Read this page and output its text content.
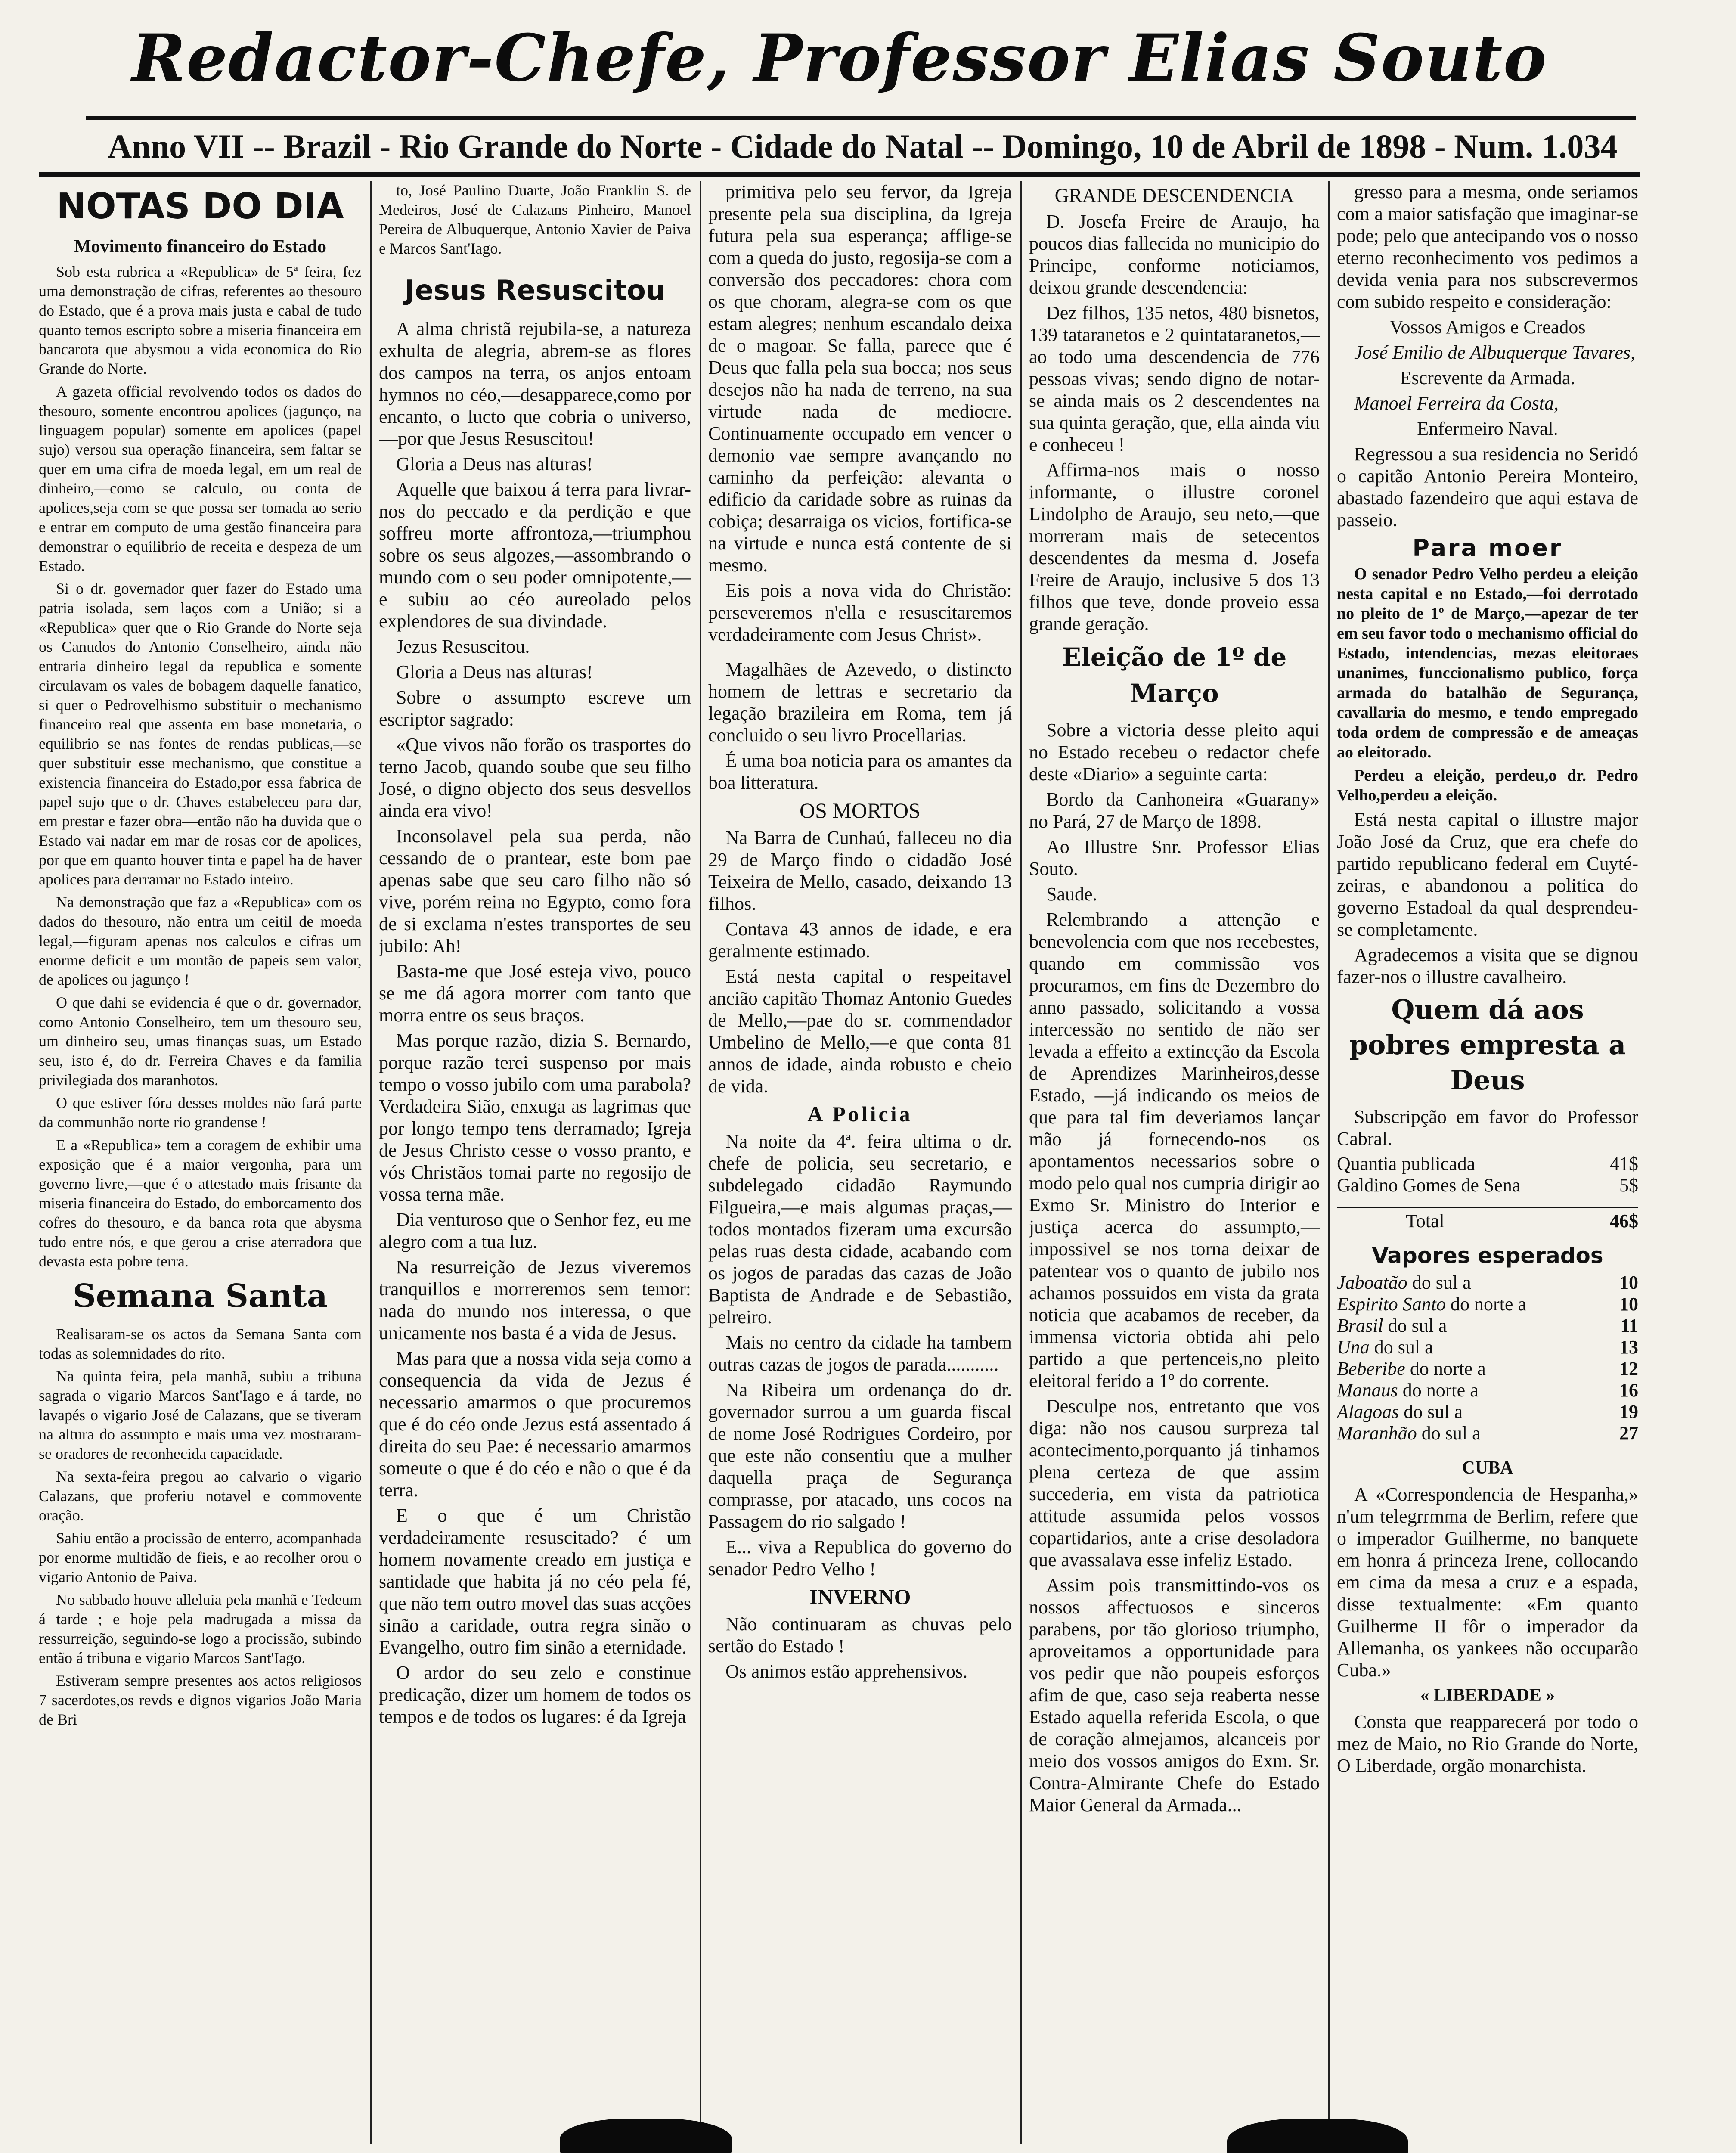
Redactor-Chefe, Professor Elias Souto
Anno VII -- Brazil - Rio Grande do Norte - Cidade do Natal -- Domingo, 10 de Abril de 1898 - Num. 1.034
NOTAS DO DIA
Movimento financeiro do Estado

Sob esta rubrica a «Republica» de 5ª feira, fez uma demonstração de cifras, referentes ao thesouro do Estado, que é a prova mais justa e cabal de tudo quanto temos escripto sobre a miseria financeira em bancarota que abysmou a vida economica do Rio Grande do Norte.

A gazeta official revolvendo todos os dados do thesouro, somente encontrou apolices (jagunço, na linguagem popular) somente em apolices (papel sujo) versou sua operação financeira, sem faltar se quer em uma cifra de moeda legal, em um real de dinheiro,—como se calculo, ou conta de apolices,seja com se que possa ser tomada ao serio e entrar em computo de uma gestão financeira para demonstrar o equilibrio de receita e despeza de um Estado.

Si o dr. governador quer fazer do Estado uma patria isolada, sem laços com a União; si a «Republica» quer que o Rio Grande do Norte seja os Canudos do Antonio Conselheiro, ainda não entraria dinheiro legal da republica e somente circulavam os vales de bobagem daquelle fanatico, si quer o Pedrovelhismo substituir o mechanismo financeiro real que assenta em base monetaria, o equilibrio se nas fontes de rendas publicas,—se quer substituir esse mechanismo, que constitue a existencia financeira do Estado,por essa fabrica de papel sujo que o dr. Chaves estabeleceu para dar, em prestar e fazer obra—então não ha duvida que o Estado vai nadar em mar de rosas cor de apolices, por que em quanto houver tinta e papel ha de haver apolices para derramar no Estado inteiro.

Na demonstração que faz a «Republica» com os dados do thesouro, não entra um ceitil de moeda legal,—figuram apenas nos calculos e cifras um enorme deficit e um montão de papeis sem valor, de apolices ou jagunço !

O que dahi se evidencia é que o dr. governador, como Antonio Conselheiro, tem um thesouro seu, um dinheiro seu, umas finanças suas, um Estado seu, isto é, do dr. Ferreira Chaves e da familia privilegiada dos maranhotos.

O que estiver fóra desses moldes não fará parte da communhão norte rio grandense !

E a «Republica» tem a coragem de exhibir uma exposição que é a maior vergonha, para um governo livre,—que é o attestado mais frisante da miseria financeira do Estado, do emborcamento dos cofres do thesouro, e da banca rota que abysma tudo entre nós, e que gerou a crise aterradora que devasta esta pobre terra.

Semana Santa

Realisaram-se os actos da Semana Santa com todas as solemnidades do rito.

Na quinta feira, pela manhã, subiu a tribuna sagrada o vigario Marcos Sant'Iago e á tarde, no lavapés o vigario José de Calazans, que se tiveram na altura do assumpto e mais uma vez mostraram-se oradores de reconhecida capacidade.

Na sexta-feira pregou ao calvario o vigario Calazans, que proferiu notavel e commovente oração.

Sahiu então a procissão de enterro, acompanhada por enorme multidão de fieis, e ao recolher orou o vigario Antonio de Paiva.

No sabbado houve alleluia pela manhã e Tedeum á tarde ; e hoje pela madrugada a missa da ressurreição, seguindo-se logo a procissão, subindo então á tribuna e vigario Marcos Sant'Iago.

Estiveram sempre presentes aos actos religiosos 7 sacerdotes,os revds e dignos vigarios João Maria de Bri

to, José Paulino Duarte, João Franklin S. de Medeiros, José de Calazans Pinheiro, Manoel Pereira de Albuquerque, Antonio Xavier de Paiva e Marcos Sant'Iago.

Jesus Resuscitou

A alma christã rejubila-se, a natureza exhulta de alegria, abrem-se as flores dos campos na terra, os anjos entoam hymnos no céo,—desapparece,como por encanto, o lucto que cobria o universo,—por que Jesus Resuscitou!

Gloria a Deus nas alturas!

Aquelle que baixou á terra para livrar-nos do peccado e da perdição e que soffreu morte affrontoza,—triumphou sobre os seus algozes,—assombrando o mundo com o seu poder omnipotente,—e subiu ao céo aureolado pelos explendores de sua divindade.

Jezus Resuscitou.

Gloria a Deus nas alturas!

Sobre o assumpto escreve um escriptor sagrado:

«Que vivos não forão os trasportes do terno Jacob, quando soube que seu filho José, o digno objecto dos seus desvellos ainda era vivo!

Inconsolavel pela sua perda, não cessando de o prantear, este bom pae apenas sabe que seu caro filho não só vive, porém reina no Egypto, como fora de si exclama n'estes transportes de seu jubilo: Ah!

Basta-me que José esteja vivo, pouco se me dá agora morrer com tanto que morra entre os seus braços.

Mas porque razão, dizia S. Bernardo, porque razão terei suspenso por mais tempo o vosso jubilo com uma parabola? Verdadeira Sião, enxuga as lagrimas que por longo tempo tens derramado; Igreja de Jesus Christo cesse o vosso pranto, e vós Christãos tomai parte no regosijo de vossa terna mãe.

Dia venturoso que o Senhor fez, eu me alegro com a tua luz.

Na resurreição de Jezus viveremos tranquillos e morreremos sem temor: nada do mundo nos interessa, o que unicamente nos basta é a vida de Jesus.

Mas para que a nossa vida seja como a consequencia da vida de Jezus é necessario amarmos o que procuremos que é do céo onde Jezus está assentado á direita do seu Pae: é necessario amarmos someute o que é do céo e não o que é da terra.

E o que é um Christão verdadeiramente resuscitado? é um homem novamente creado em justiça e santidade que habita já no céo pela fé, que não tem outro movel das suas acções sinão a caridade, outra regra sinão o Evangelho, outro fim sinão a eternidade.

O ardor do seu zelo e constinue predicação, dizer um homem de todos os tempos e de todos os lugares: é da Igreja

primitiva pelo seu fervor, da Igreja presente pela sua disciplina, da Igreja futura pela sua esperança; afflige-se com a queda do justo, regosija-se com a conversão dos peccadores: chora com os que choram, alegra-se com os que estam alegres; nenhum escandalo deixa de o magoar. Se falla, parece que é Deus que falla pela sua bocca; nos seus desejos não ha nada de terreno, na sua virtude nada de mediocre. Continuamente occupado em vencer o demonio vae sempre avançando no caminho da perfeição: alevanta o edificio da caridade sobre as ruinas da cobiça; desarraiga os vicios, fortifica-se na virtude e nunca está contente de si mesmo.

Eis pois a nova vida do Christão: perseveremos n'ella e resuscitaremos verdadeiramente com Jesus Christ».

Magalhães de Azevedo, o distincto homem de lettras e secretario da legação brazileira em Roma, tem já concluido o seu livro Procellarias.

É uma boa noticia para os amantes da boa litteratura.

OS MORTOS

Na Barra de Cunhaú, falleceu no dia 29 de Março findo o cidadão José Teixeira de Mello, casado, deixando 13 filhos.

Contava 43 annos de idade, e era geralmente estimado.

Está nesta capital o respeitavel ancião capitão Thomaz Antonio Guedes de Mello,—pae do sr. commendador Umbelino de Mello,—e que conta 81 annos de idade, ainda robusto e cheio de vida.

A Policia

Na noite da 4ª. feira ultima o dr. chefe de policia, seu secretario, e subdelegado cidadão Raymundo Filgueira,—e mais algumas praças,—todos montados fizeram uma excursão pelas ruas desta cidade, acabando com os jogos de paradas das cazas de João Baptista de Andrade e de Sebastião, pelreiro.

Mais no centro da cidade ha tambem outras cazas de jogos de parada...........

Na Ribeira um ordenança do dr. governador surrou a um guarda fiscal de nome José Rodrigues Cordeiro, por que este não consentiu que a mulher daquella praça de Segurança comprasse, por atacado, uns cocos na Passagem do rio salgado !

E... viva a Republica do governo do senador Pedro Velho !

INVERNO

Não continuaram as chuvas pelo sertão do Estado !

Os animos estão apprehensivos.

GRANDE DESCENDENCIA

D. Josefa Freire de Araujo, ha poucos dias fallecida no municipio do Principe, conforme noticiamos, deixou grande descendencia:

Dez filhos, 135 netos, 480 bisnetos, 139 tataranetos e 2 quintataranetos,—ao todo uma descendencia de 776 pessoas vivas; sendo digno de notar-se ainda mais os 2 descendentes na sua quinta geração, que, ella ainda viu e conheceu !

Affirma-nos mais o nosso informante, o illustre coronel Lindolpho de Araujo, seu neto,—que morreram mais de setecentos descendentes da mesma d. Josefa Freire de Araujo, inclusive 5 dos 13 filhos que teve, donde proveio essa grande geração.

Eleição de 1º de Março

Sobre a victoria desse pleito aqui no Estado recebeu o redactor chefe deste «Diario» a seguinte carta:

Bordo da Canhoneira «Guarany» no Pará, 27 de Março de 1898.

Ao Illustre Snr. Professor Elias Souto.

Saude.

Relembrando a attenção e benevolencia com que nos recebestes, quando em commissão vos procuramos, em fins de Dezembro do anno passado, solicitando a vossa intercessão no sentido de não ser levada a effeito a extincção da Escola de Aprendizes Marinheiros,desse Estado, —já indicando os meios de que para tal fim deveriamos lançar mão já fornecendo-nos os apontamentos necessarios sobre o modo pelo qual nos cumpria dirigir ao Exmo Sr. Ministro do Interior e justiça acerca do assumpto,—impossivel se nos torna deixar de patentear vos o quanto de jubilo nos achamos possuidos em vista da grata noticia que acabamos de receber, da immensa victoria obtida ahi pelo partido a que pertenceis,no pleito eleitoral ferido a 1º do corrente.

Desculpe nos, entretanto que vos diga: não nos causou surpreza tal acontecimento,porquanto já tinhamos plena certeza de que assim succederia, em vista da patriotica attitude assumida pelos vossos copartidarios, ante a crise desoladora que avassalava esse infeliz Estado.

Assim pois transmittindo-vos os nossos affectuosos e sinceros parabens, por tão glorioso triumpho, aproveitamos a opportunidade para vos pedir que não poupeis esforços afim de que, caso seja reaberta nesse Estado aquella referida Escola, o que de coração almejamos, alcanceis por meio dos vossos amigos do Exm. Sr. Contra-Almirante Chefe do Estado Maior General da Armada...

gresso para a mesma, onde seriamos com a maior satisfação que imaginar-se pode; pelo que antecipando vos o nosso eterno reconhecimento vos pedimos a devida venia para nos subscrevermos com subido respeito e consideração:

Vossos Amigos e Creados

José Emilio de Albuquerque Tavares,

Escrevente da Armada.

Manoel Ferreira da Costa,

Enfermeiro Naval.

Regressou a sua residencia no Seridó o capitão Antonio Pereira Monteiro, abastado fazendeiro que aqui estava de passeio.

Para moer

O senador Pedro Velho perdeu a eleição nesta capital e no Estado,—foi derrotado no pleito de 1º de Março,—apezar de ter em seu favor todo o mechanismo official do Estado, intendencias, mezas eleitoraes unanimes, funccionalismo publico, força armada do batalhão de Segurança, cavallaria do mesmo, e tendo empregado toda ordem de compressão e de ameaças ao eleitorado.

Perdeu a eleição, perdeu,o dr. Pedro Velho,perdeu a eleição.

Está nesta capital o illustre major João José da Cruz, que era chefe do partido republicano federal em Cuyté-zeiras, e abandonou a politica do governo Estadoal da qual desprendeu-se completamente.

Agradecemos a visita que se dignou fazer-nos o illustre cavalheiro.

Quem dá aos pobres empresta a Deus

Subscripção em favor do Professor Cabral.

Quantia publicada	41$
Galdino Gomes de Sena	5$
Total	46$
Vapores esperados
Jaboatão do sul a	10
Espirito Santo do norte a	10
Brasil do sul a	11
Una do sul a	13
Beberibe do norte a	12
Manaus do norte a	16
Alagoas do sul a	19
Maranhão do sul a	27
CUBA

A «Correspondencia de Hespanha,» n'um telegrrmma de Berlim, refere que o imperador Guilherme, no banquete em honra á princeza Irene, collocando em cima da mesa a cruz e a espada, disse textualmente: «Em quanto Guilherme II fôr o imperador da Allemanha, os yankees não occuparão Cuba.»

« LIBERDADE »

Consta que reapparecerá por todo o mez de Maio, no Rio Grande do Norte, O Liberdade, orgão monarchista.
